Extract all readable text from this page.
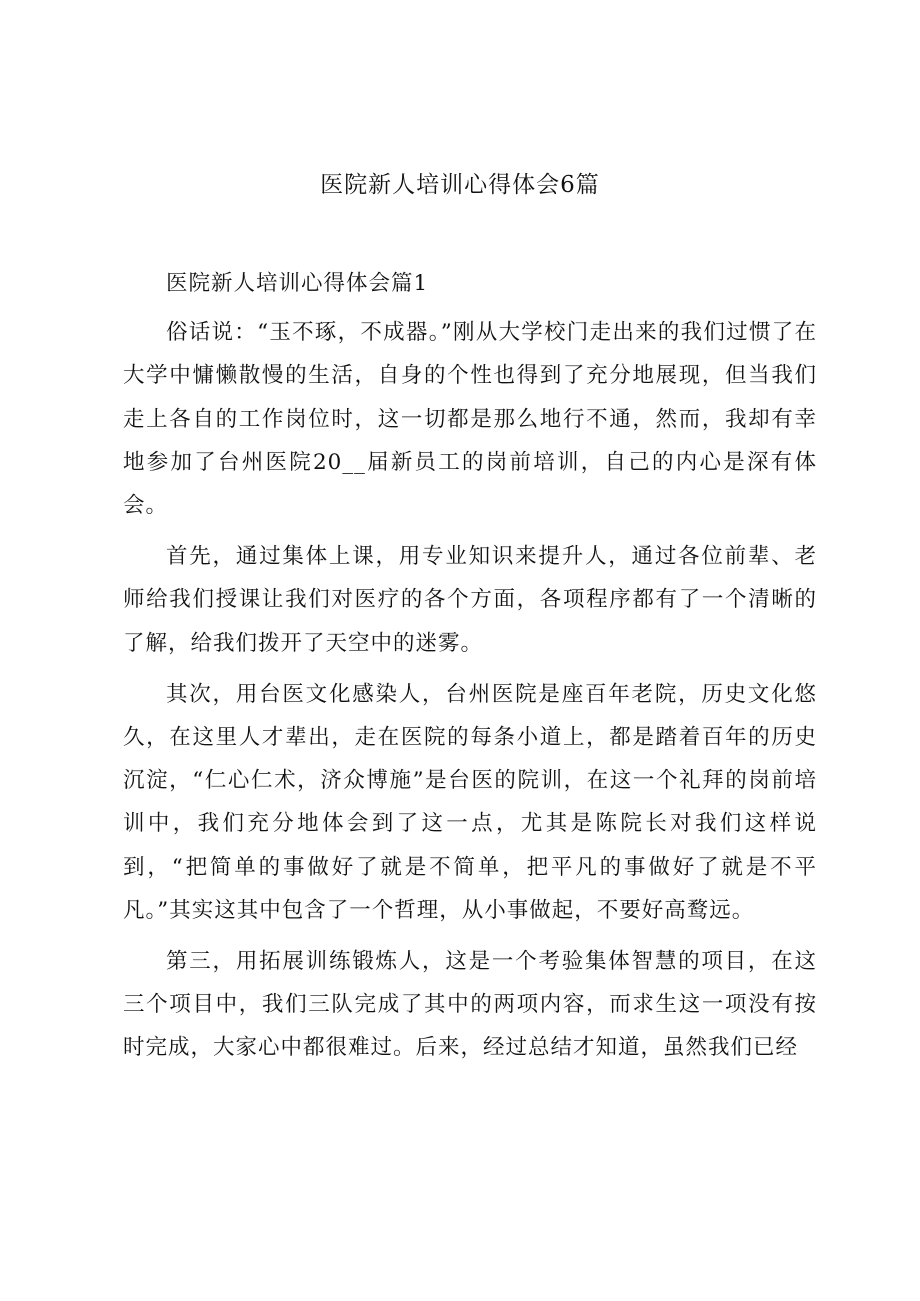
医院新人培训心得体会6篇
医院新人培训心得体会篇1

俗话说：“玉不琢，不成器。”刚从大学校门走出来的我们过惯了在大学中慵懒散慢的生活，自身的个性也得到了充分地展现，但当我们走上各自的工作岗位时，这一切都是那么地行不通，然而，我却有幸地参加了台州医院20__届新员工的岗前培训，自己的内心是深有体会。

首先，通过集体上课，用专业知识来提升人，通过各位前辈、老师给我们授课让我们对医疗的各个方面，各项程序都有了一个清晰的了解，给我们拨开了天空中的迷雾。

其次，用台医文化感染人，台州医院是座百年老院，历史文化悠久，在这里人才辈出，走在医院的每条小道上，都是踏着百年的历史沉淀，“仁心仁术，济众博施”是台医的院训，在这一个礼拜的岗前培训中，我们充分地体会到了这一点，尤其是陈院长对我们这样说到，“把简单的事做好了就是不简单，把平凡的事做好了就是不平凡。”其实这其中包含了一个哲理，从小事做起，不要好高鹜远。

第三，用拓展训练锻炼人，这是一个考验集体智慧的项目，在这三个项目中，我们三队完成了其中的两项内容，而求生这一项没有按时完成，大家心中都很难过。后来，经过总结才知道，虽然我们已经
